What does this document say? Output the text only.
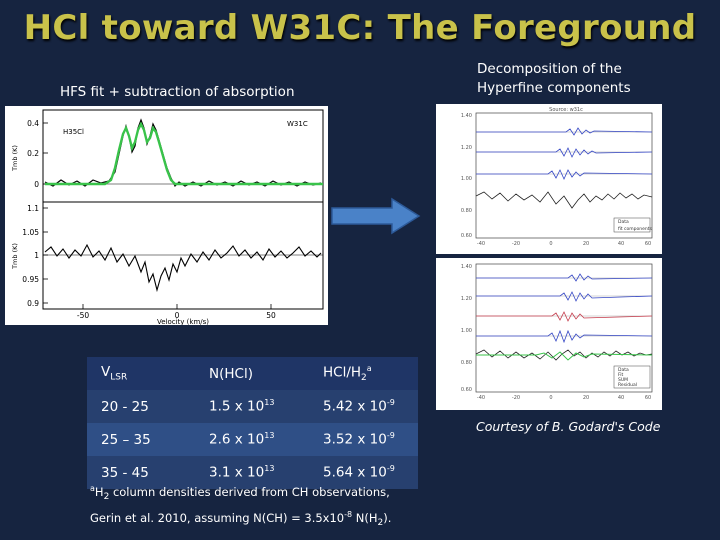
HCl toward W31C: The Foreground
HFS fit + subtraction of absorption
Decomposition of the
Hyperfine components
0.4
0.2
0
1.1
1.05
1
0.95
0.9
-50	0	50
Velocity (km/s)
H35Cl
W31C
Tmb (K)
Tmb (K)
Source: w31c
1.40
1.20
1.00
0.80
0.60
-40	-20	0	20	40	60
Data
fit components
1.40
1.20
1.00
0.80
0.60
-40	-20	0	20	40	60
Data
Fit
SUM
Residual
$V_{LSR}$	N(HCl)	HCl/$H_2^a$
20 - 25	1.5 x $10^{13}$	5.42 x $10^{-9}$
25 – 35	2.6 x $10^{13}$	3.52 x $10^{-9}$
35 - 45	3.1 x $10^{13}$	5.64 x $10^{-9}$
$^aH_2$ column densities derived from CH observations,
Gerin et al. 2010, assuming $N(CH) = 3.5x10^{-8}$ $N(H_2)$.
Courtesy of B. Godard's Code
